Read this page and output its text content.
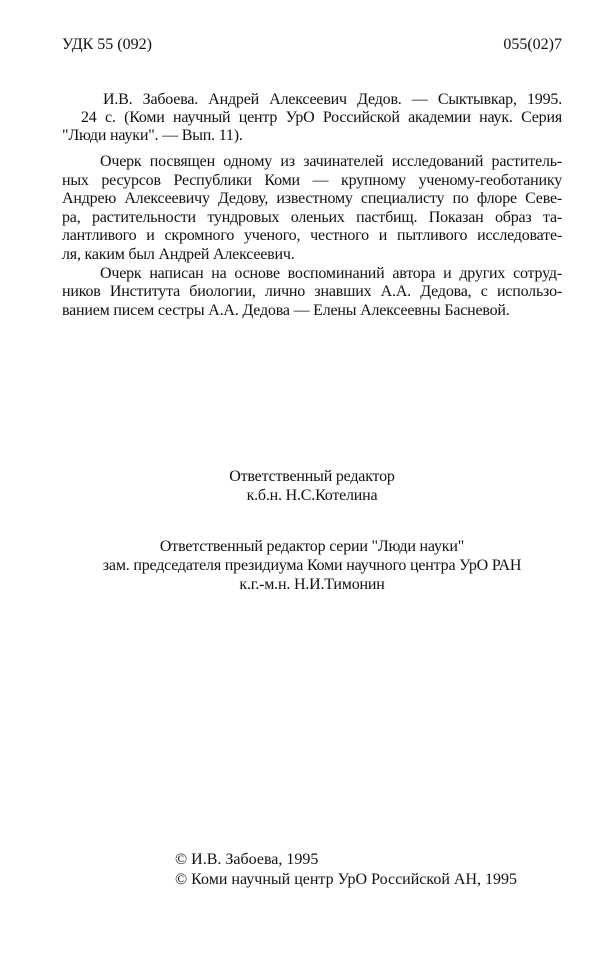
УДК 55 (092)	055(02)7
И.В. Забоева. Андрей Алексеевич Дедов. — Сыктывкар, 1995.
24 с. (Коми научный центр УрО Российской академии наук. Серия
"Люди науки". — Вып. 11).
Очерк посвящен одному из зачинателей исследований раститель-
ных ресурсов Республики Коми — крупному ученому-геоботанику
Андрею Алексеевичу Дедову, известному специалисту по флоре Севе-
ра, растительности тундровых оленьих пастбищ. Показан образ та-
лантливого и скромного ученого, честного и пытливого исследовате-
ля, каким был Андрей Алексеевич.
Очерк написан на основе воспоминаний автора и других сотруд-
ников Института биологии, лично знавших А.А. Дедова, с использо-
ванием писем сестры А.А. Дедова — Елены Алексеевны Басневой.
Ответственный редактор
к.б.н. Н.С.Котелина
Ответственный редактор серии "Люди науки"
зам. председателя президиума Коми научного центра УрО РАН
к.г.-м.н. Н.И.Тимонин
© И.В. Забоева, 1995
© Коми научный центр УрО Российской АН, 1995
